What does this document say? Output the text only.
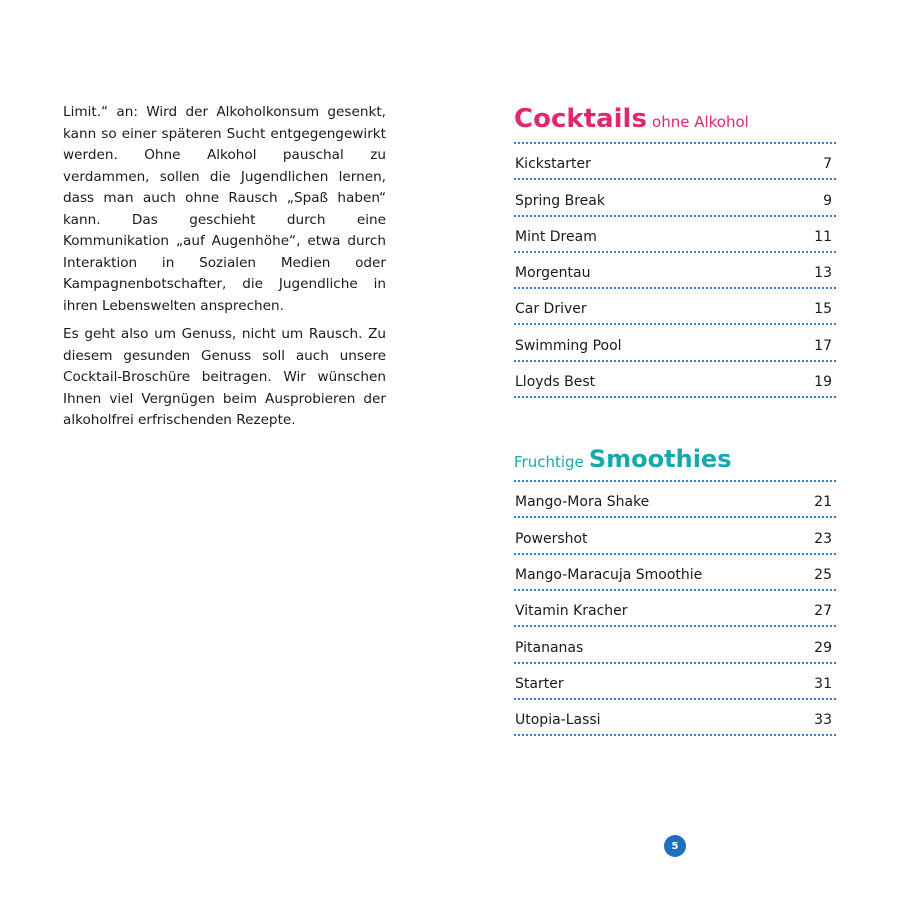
Limit.“ an: Wird der Alkoholkonsum gesenkt, kann so einer späteren Sucht entgegengewirkt werden. Ohne Alkohol pauschal zu verdammen, sollen die Jugendlichen lernen, dass man auch ohne Rausch „Spaß haben“ kann. Das geschieht durch eine Kommunikation „auf Augenhöhe“, etwa durch Interaktion in Sozialen Medien oder Kampagnenbotschafter, die Jugendliche in ihren Lebenswelten ansprechen.

Es geht also um Genuss, nicht um Rausch. Zu diesem gesunden Genuss soll auch unsere Cocktail-Broschüre beitragen. Wir wünschen Ihnen viel Vergnügen beim Ausprobieren der alkoholfrei erfrischenden Rezepte.

Cocktails ohne Alkohol
Kickstarter	7
Spring Break	9
Mint Dream	11
Morgentau	13
Car Driver	15
Swimming Pool	17
Lloyds Best	19
Fruchtige Smoothies
Mango-Mora Shake	21
Powershot	23
Mango-Maracuja Smoothie	25
Vitamin Kracher	27
Pitananas	29
Starter	31
Utopia-Lassi	33
5
